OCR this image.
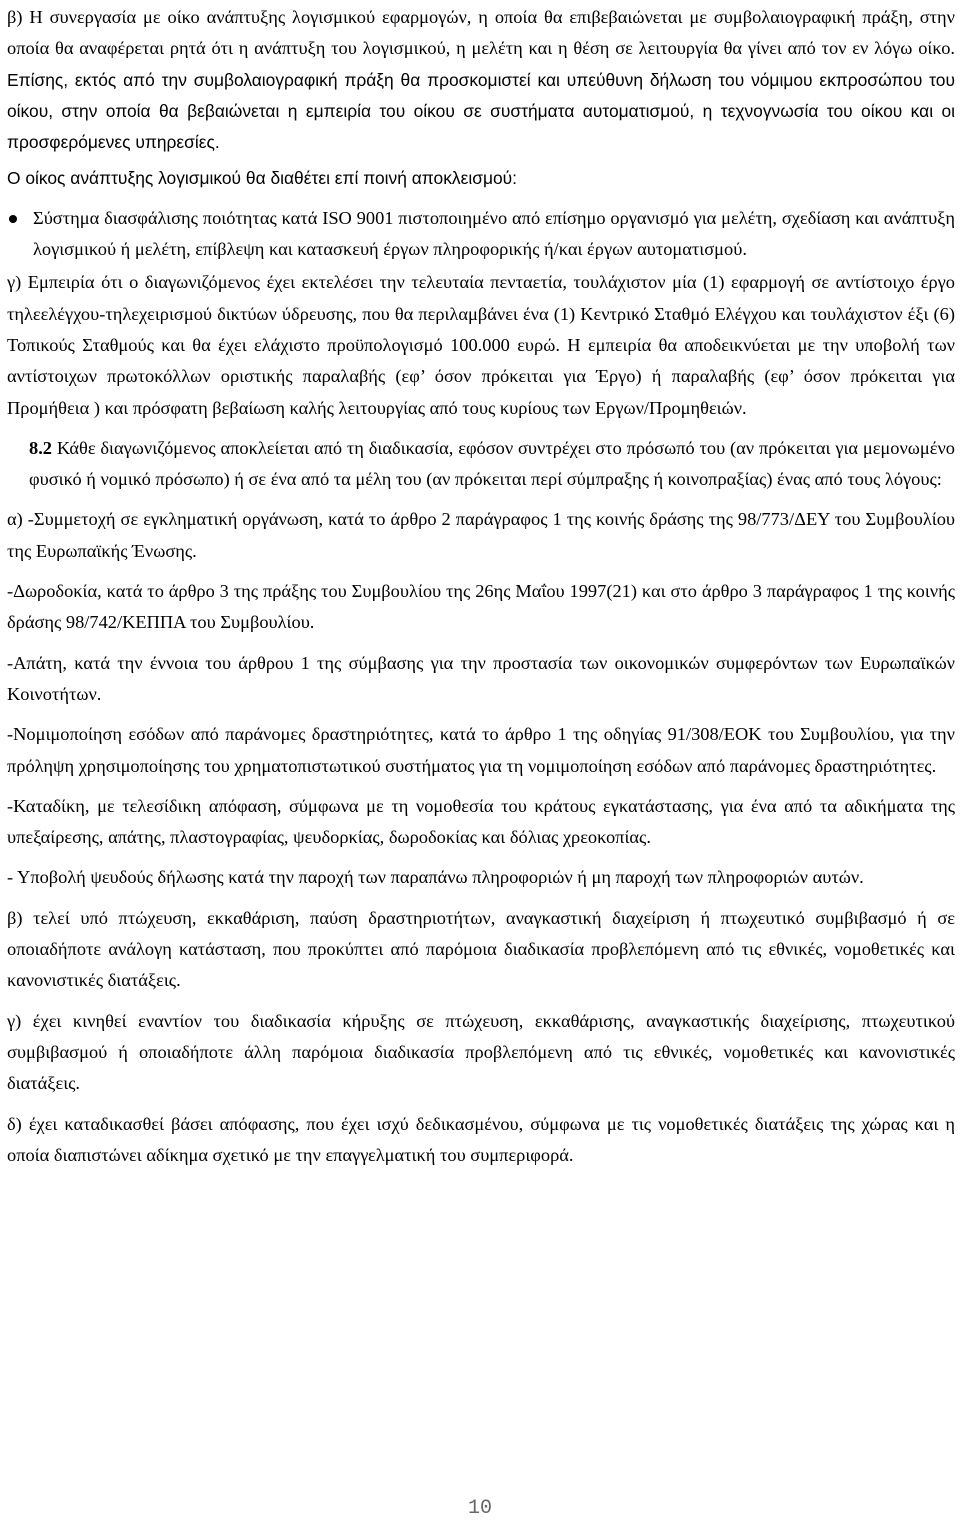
β) Η συνεργασία με οίκο ανάπτυξης λογισμικού εφαρμογών, η οποία θα επιβεβαιώνεται με συμβολαιογραφική πράξη, στην οποία θα αναφέρεται ρητά ότι η ανάπτυξη του λογισμικού, η μελέτη και η θέση σε λειτουργία θα γίνει από τον εν λόγω οίκο. Επίσης, εκτός από την συμβολαιογραφική πράξη θα προσκομιστεί και υπεύθυνη δήλωση του νόμιμου εκπροσώπου του οίκου, στην οποία θα βεβαιώνεται η εμπειρία του οίκου σε συστήματα αυτοματισμού, η τεχνογνωσία του οίκου και οι προσφερόμενες υπηρεσίες.

Ο οίκος ανάπτυξης λογισμικού θα διαθέτει επί ποινή αποκλεισμού:

Σύστημα διασφάλισης ποιότητας κατά ISO 9001 πιστοποιημένο από επίσημο οργανισμό για μελέτη, σχεδίαση και ανάπτυξη λογισμικού ή μελέτη, επίβλεψη και κατασκευή έργων πληροφορικής ή/και έργων αυτοματισμού.

γ) Εμπειρία ότι ο διαγωνιζόμενος έχει εκτελέσει την τελευταία πενταετία, τουλάχιστον μία (1) εφαρμογή σε αντίστοιχο έργο τηλεελέγχου-τηλεχειρισμού δικτύων ύδρευσης, που θα περιλαμβάνει ένα (1) Κεντρικό Σταθμό Ελέγχου και τουλάχιστον έξι (6) Τοπικούς Σταθμούς και θα έχει ελάχιστο προϋπολογισμό 100.000 ευρώ. Η εμπειρία θα αποδεικνύεται με την υποβολή των αντίστοιχων πρωτοκόλλων οριστικής παραλαβής (εφ’ όσον πρόκειται για Έργο) ή παραλαβής (εφ’ όσον πρόκειται για Προμήθεια ) και πρόσφατη βεβαίωση καλής λειτουργίας από τους κυρίους των Εργων/Προμηθειών.

8.2 Κάθε διαγωνιζόμενος αποκλείεται από τη διαδικασία, εφόσον συντρέχει στο πρόσωπό του (αν πρόκειται για μεμονωμένο φυσικό ή νομικό πρόσωπο) ή σε ένα από τα μέλη του (αν πρόκειται περί σύμπραξης ή κοινοπραξίας) ένας από τους λόγους:

α) -Συμμετοχή σε εγκληματική οργάνωση, κατά το άρθρο 2 παράγραφος 1 της κοινής δράσης της 98/773/ΔΕΥ του Συμβουλίου της Ευρωπαϊκής Ένωσης.

-Δωροδοκία, κατά το άρθρο 3 της πράξης του Συμβουλίου της 26ης Μαΐου 1997(21) και στο άρθρο 3 παράγραφος 1 της κοινής δράσης 98/742/ΚΕΠΠΑ του Συμβουλίου.

-Απάτη, κατά την έννοια του άρθρου 1 της σύμβασης για την προστασία των οικονομικών συμφερόντων των Ευρωπαϊκών Κοινοτήτων.

-Νομιμοποίηση εσόδων από παράνομες δραστηριότητες, κατά το άρθρο 1 της οδηγίας 91/308/ΕΟΚ του Συμβουλίου, για την πρόληψη χρησιμοποίησης του χρηματοπιστωτικού συστήματος για τη νομιμοποίηση εσόδων από παράνομες δραστηριότητες.

-Καταδίκη, με τελεσίδικη απόφαση, σύμφωνα με τη νομοθεσία του κράτους εγκατάστασης, για ένα από τα αδικήματα της υπεξαίρεσης, απάτης, πλαστογραφίας, ψευδορκίας, δωροδοκίας και δόλιας χρεοκοπίας.

- Υποβολή ψευδούς δήλωσης κατά την παροχή των παραπάνω πληροφοριών ή μη παροχή των πληροφοριών αυτών.

β) τελεί υπό πτώχευση, εκκαθάριση, παύση δραστηριοτήτων, αναγκαστική διαχείριση ή πτωχευτικό συμβιβασμό ή σε οποιαδήποτε ανάλογη κατάσταση, που προκύπτει από παρόμοια διαδικασία προβλεπόμενη από τις εθνικές, νομοθετικές και κανονιστικές διατάξεις.

γ) έχει κινηθεί εναντίον του διαδικασία κήρυξης σε πτώχευση, εκκαθάρισης, αναγκαστικής διαχείρισης, πτωχευτικού συμβιβασμού ή οποιαδήποτε άλλη παρόμοια διαδικασία προβλεπόμενη από τις εθνικές, νομοθετικές και κανονιστικές διατάξεις.

δ) έχει καταδικασθεί βάσει απόφασης, που έχει ισχύ δεδικασμένου, σύμφωνα με τις νομοθετικές διατάξεις της χώρας και η οποία διαπιστώνει αδίκημα σχετικό με την επαγγελματική του συμπεριφορά.

10
